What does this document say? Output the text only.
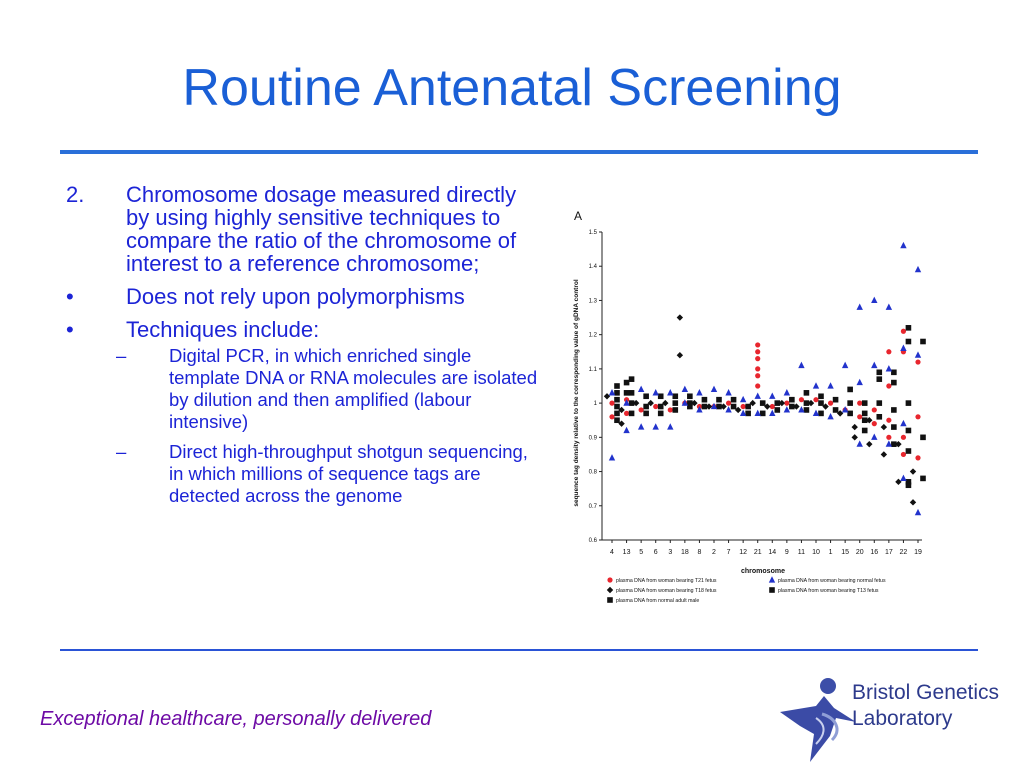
Routine Antenatal Screening
2. Chromosome dosage measured directly by using highly sensitive techniques to compare the ratio of the chromosome of interest to a reference chromosome;
• Does not rely upon polymorphisms
• Techniques include:
– Digital PCR, in which enriched single template DNA or RNA molecules are isolated by dilution and then amplified (labour intensive)
– Direct high-throughput shotgun sequencing, in which millions of sequence tags are detected across the genome
A
sequence tag density relative to the corresponding value of gDNA control
0.6
0.7
0.8
0.9
1
1.1
1.2
1.3
1.4
1.5
4 13 5 6 3 18 8 2 7 12 21 14 9 11 10 1 15 20 16 17 22 19
chromosome
plasma DNA from woman bearing T21 fetus
plasma DNA from woman bearing T18 fetus
plasma DNA from normal adult male
plasma DNA from woman bearing normal fetus
plasma DNA from woman bearing T13 fetus
Exceptional healthcare, personally delivered
Bristol Genetics
Laboratory
